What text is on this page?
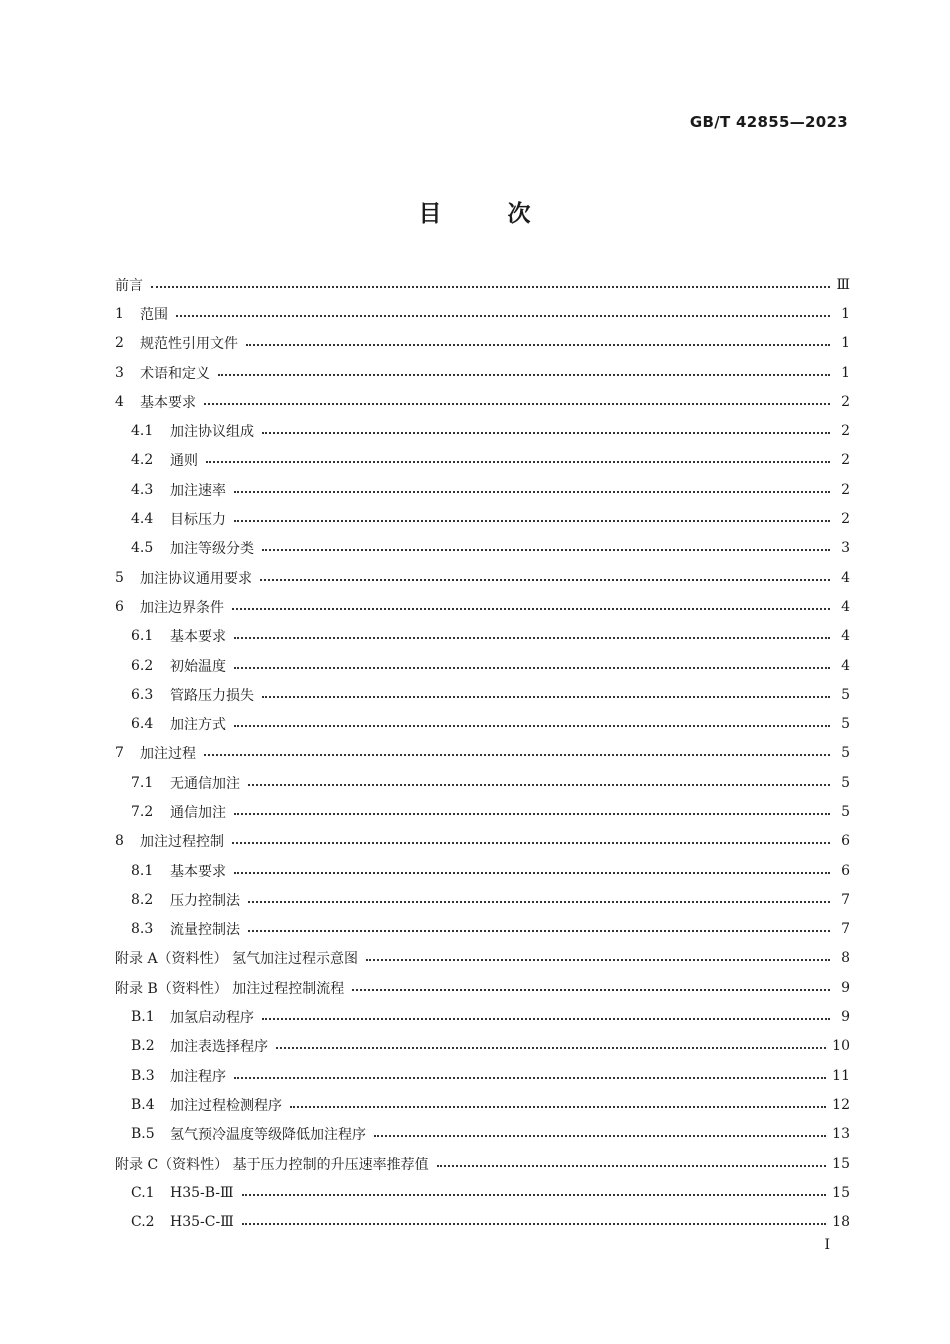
GB/T 42855—2023
目 次
前言	Ⅲ
1	范围	1
2	规范性引用文件	1
3	术语和定义	1
4	基本要求	2
4.1	加注协议组成	2
4.2	通则	2
4.3	加注速率	2
4.4	目标压力	2
4.5	加注等级分类	3
5	加注协议通用要求	4
6	加注边界条件	4
6.1	基本要求	4
6.2	初始温度	4
6.3	管路压力损失	5
6.4	加注方式	5
7	加注过程	5
7.1	无通信加注	5
7.2	通信加注	5
8	加注过程控制	6
8.1	基本要求	6
8.2	压力控制法	7
8.3	流量控制法	7
附录 A（资料性） 氢气加注过程示意图	8
附录 B（资料性） 加注过程控制流程	9
B.1	加氢启动程序	9
B.2	加注表选择程序	10
B.3	加注程序	11
B.4	加注过程检测程序	12
B.5	氢气预冷温度等级降低加注程序	13
附录 C（资料性） 基于压力控制的升压速率推荐值	15
C.1	H35-B-Ⅲ	15
C.2	H35-C-Ⅲ	18
I
